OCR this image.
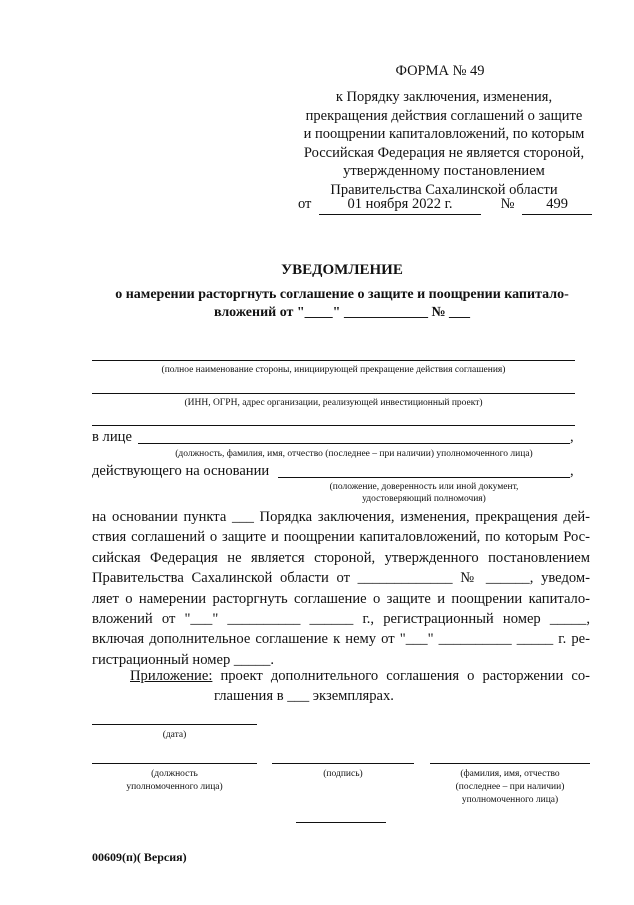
ФОРМА № 49
к Порядку заключения, изменения,
прекращения действия соглашений о защите
и поощрении капиталовложений, по которым
Российская Федерация не является стороной,
утвержденному постановлением
Правительства Сахалинской области
от 01 ноября 2022 г.	№ 499
УВЕДОМЛЕНИЕ
о намерении расторгнуть соглашение о защите и поощрении капитало-
вложений от "____" ____________ № ___
(полное наименование стороны, инициирующей прекращение действия соглашения)
(ИНН, ОГРН, адрес организации, реализующей инвестиционный проект)
в лице	,
(должность, фамилия, имя, отчество (последнее – при наличии) уполномоченного лица)
действующего на основании	,
(положение, доверенность или иной документ,
удостоверяющий полномочия)
на основании пункта ___ Порядка заключения, изменения, прекращения дей-
ствия соглашений о защите и поощрении капиталовложений, по которым Рос-
сийская Федерация не является стороной, утвержденного постановлением
Правительства Сахалинской области от _____________ № ______, уведом-
ляет о намерении расторгнуть соглашение о защите и поощрении капитало-
вложений от "___" __________ ______ г., регистрационный номер _____,
включая дополнительное соглашение к нему от "___" __________ _____ г. ре-
гистрационный номер _____.
Приложение: проект дополнительного соглашения о расторжении со-
глашения в ___ экземплярах.
(дата)
(должность
уполномоченного лица)
(подпись)	(фамилия, имя, отчество
(последнее – при наличии)
уполномоченного лица)
00609(п)( Версия)
